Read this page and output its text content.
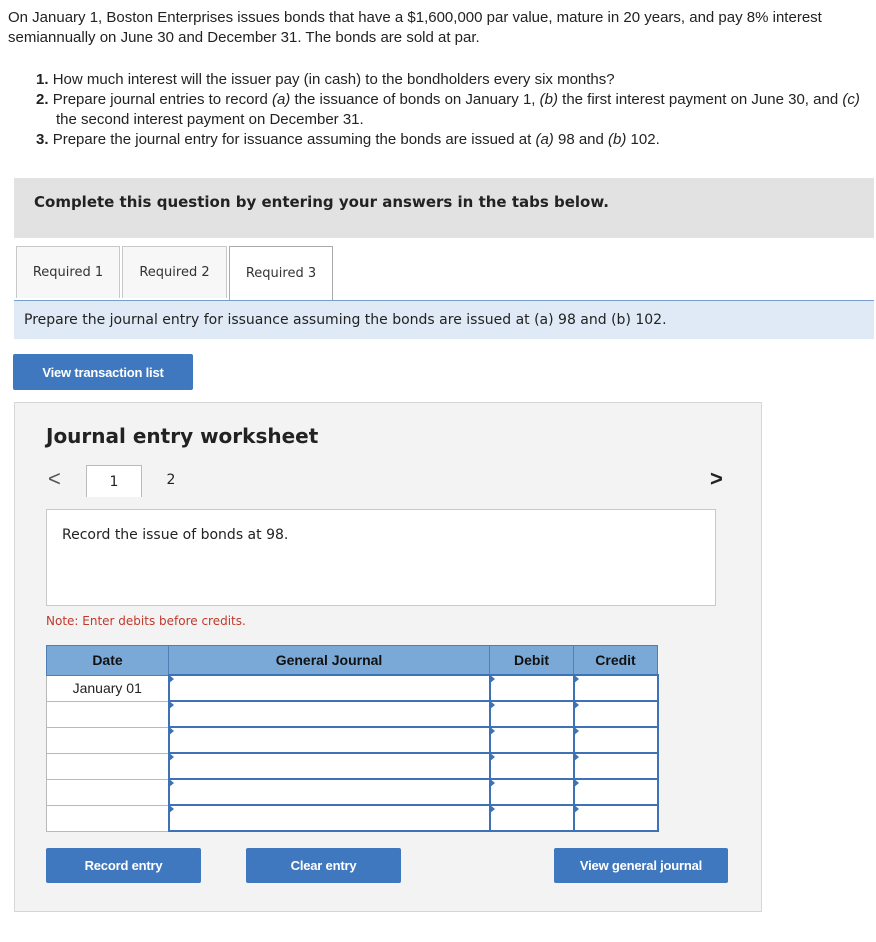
On January 1, Boston Enterprises issues bonds that have a $1,600,000 par value, mature in 20 years, and pay 8% interest semiannually on June 30 and December 31. The bonds are sold at par.

1. How much interest will the issuer pay (in cash) to the bondholders every six months?

2. Prepare journal entries to record (a) the issuance of bonds on January 1, (b) the first interest payment on June 30, and (c) the second interest payment on December 31.

3. Prepare the journal entry for issuance assuming the bonds are issued at (a) 98 and (b) 102.

Complete this question by entering your answers in the tabs below.
Required 1	Required 2	Required 3
Prepare the journal entry for issuance assuming the bonds are issued at (a) 98 and (b) 102.
View transaction list
Journal entry worksheet
<	>
1	2
Record the issue of bonds at 98.
Note: Enter debits before credits.
Date	General Journal	Debit	Credit
January 01			

Record entry	Clear entry	View general journal
